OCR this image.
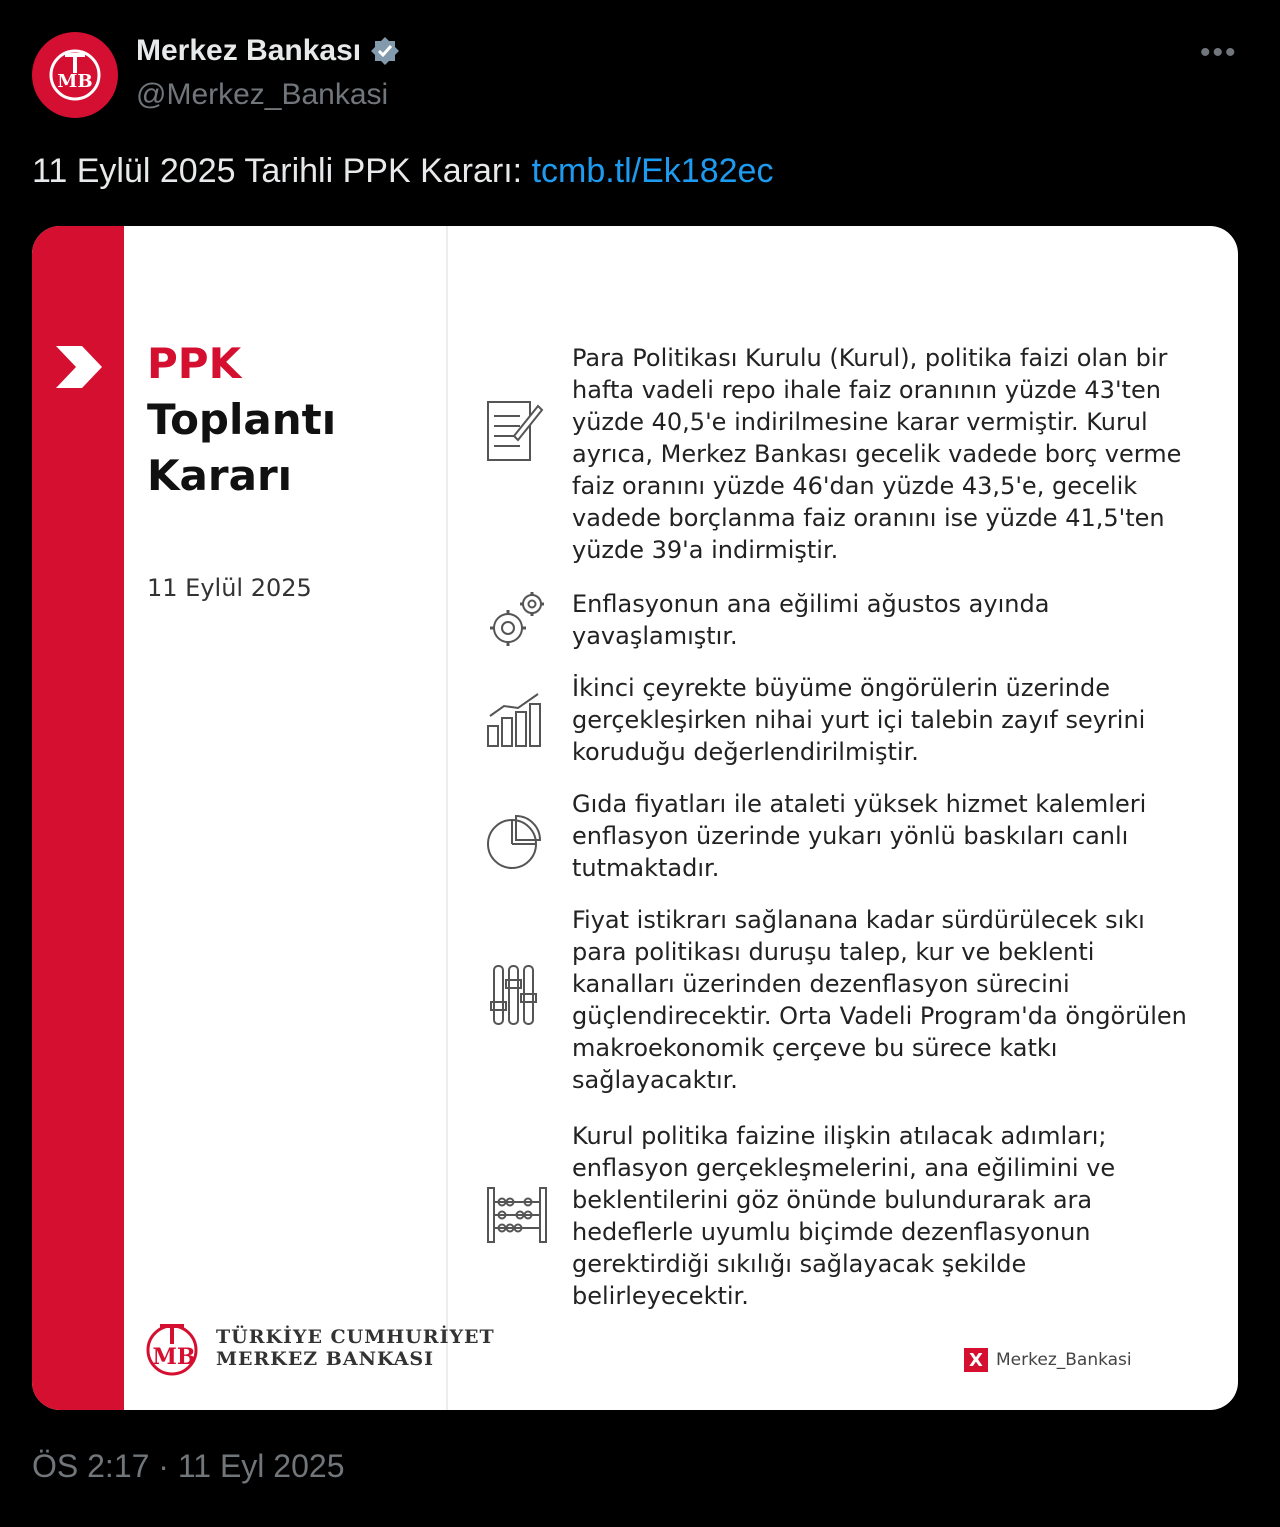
MB
Merkez Bankası
@Merkez_Bankasi
•••
11 Eylül 2025 Tarihli PPK Kararı: tcmb.tl/Ek182ec
PPK
Toplantı
Kararı
11 Eylül 2025
MB
TÜRKİYE CUMHURİYET
MERKEZ BANKASI
Para Politikası Kurulu (Kurul), politika faizi olan bir hafta vadeli repo ihale faiz oranının yüzde 43'ten yüzde 40,5'e indirilmesine karar vermiştir. Kurul ayrıca, Merkez Bankası gecelik vadede borç verme faiz oranını yüzde 46'dan yüzde 43,5'e, gecelik vadede borçlanma faiz oranını ise yüzde 41,5'ten yüzde 39'a indirmiştir.
Enflasyonun ana eğilimi ağustos ayında yavaşlamıştır.
İkinci çeyrekte büyüme öngörülerin üzerinde gerçekleşirken nihai yurt içi talebin zayıf seyrini koruduğu değerlendirilmiştir.
Gıda fiyatları ile ataleti yüksek hizmet kalemleri enflasyon üzerinde yukarı yönlü baskıları canlı tutmaktadır.
Fiyat istikrarı sağlanana kadar sürdürülecek sıkı para politikası duruşu talep, kur ve beklenti kanalları üzerinden dezenflasyon sürecini güçlendirecektir. Orta Vadeli Program'da öngörülen makroekonomik çerçeve bu sürece katkı sağlayacaktır.
Kurul politika faizine ilişkin atılacak adımları; enflasyon gerçekleşmelerini, ana eğilimini ve beklentilerini göz önünde bulundurarak ara hedeflerle uyumlu biçimde dezenflasyonun gerektirdiği sıkılığı sağlayacak şekilde belirleyecektir.
X Merkez_Bankasi
ÖS 2:17 · 11 Eyl 2025
